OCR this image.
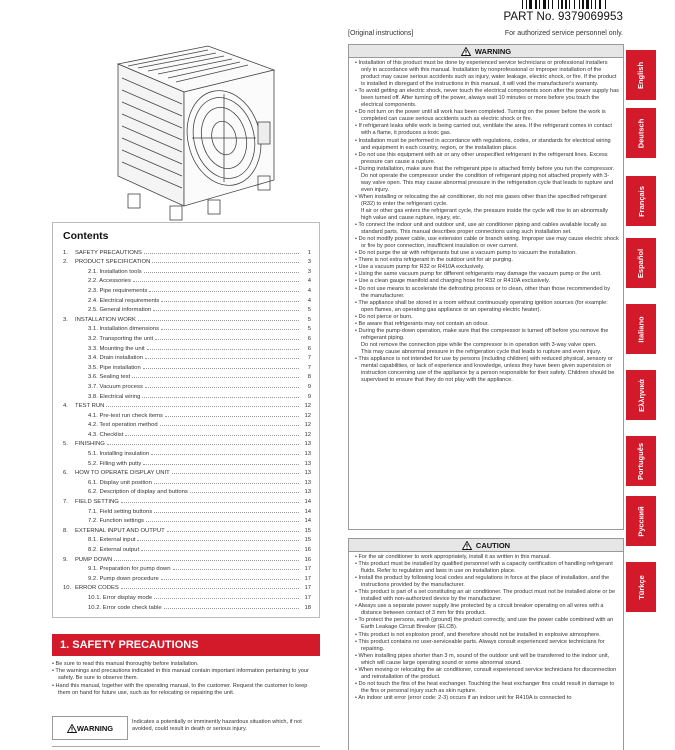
PART No. 9379069953
[Original instructions]	For authorized service personnel only.
Contents
1.	SAFETY PRECAUTIONS	1
2.	PRODUCT SPECIFICATION	3
2.1. Installation tools	3
2.2. Accessories	4
2.3. Pipe requirements	4
2.4. Electrical requirements	4
2.5. General information	5
3.	INSTALLATION WORK	5
3.1. Installation dimensions	5
3.2. Transporting the unit	6
3.3. Mounting the unit	6
3.4. Drain installation	7
3.5. Pipe installation	7
3.6. Sealing test	8
3.7. Vacuum process	9
3.8. Electrical wiring	9
4.	TEST RUN	12
4.1. Pre-test run check items	12
4.2. Test operation method	12
4.3. Checklist	12
5.	FINISHING	13
5.1. Installing insulation	13
5.2. Filling with putty	13
6.	HOW TO OPERATE DISPLAY UNIT	13
6.1. Display unit position	13
6.2. Description of display and buttons	13
7.	FIELD SETTING	14
7.1. Field setting buttons	14
7.2. Function settings	14
8.	EXTERNAL INPUT AND OUTPUT	15
8.1. External input	15
8.2. External output	16
9.	PUMP DOWN	16
9.1. Preparation for pump down	17
9.2. Pump down procedure	17
10. ERROR CODES	17
10.1. Error display mode	17
10.2. Error code check table	18
1. SAFETY PRECAUTIONS
• Be sure to read this manual thoroughly before installation.
• The warnings and precautions indicated in this manual contain important information pertaining to your safety. Be sure to observe them.
• Hand this manual, together with the operating manual, to the customer. Request the customer to keep them on hand for future use, such as for relocating or repairing the unit.
WARNING
Indicates a potentially or imminently hazardous situation which, if not avoided, could result in death or serious injury.
WARNING
• Installation of this product must be done by experienced service technicians or professional installers only in accordance with this manual. Installation by nonprofessional or improper installation of the product may cause serious accidents such as injury, water leakage, electric shock, or fire. If the product is installed in disregard of the instructions in this manual, it will void the manufacturer's warranty.
• To avoid getting an electric shock, never touch the electrical components soon after the power supply has been turned off. After turning off the power, always wait 10 minutes or more before you touch the electrical components.
• Do not turn on the power until all work has been completed. Turning on the power before the work is completed can cause serious accidents such as electric shock or fire.
• If refrigerant leaks while work is being carried out, ventilate the area. If the refrigerant comes in contact with a flame, it produces a toxic gas.
• Installation must be performed in accordance with regulations, codes, or standards for electrical wiring and equipment in each country, region, or the installation place.
• Do not use this equipment with air or any other unspecified refrigerant in the refrigerant lines. Excess pressure can cause a rupture.
• During installation, make sure that the refrigerant pipe is attached firmly before you run the compressor.
Do not operate the compressor under the condition of refrigerant piping not attached properly with 3-way valve open. This may cause abnormal pressure in the refrigeration cycle that leads to rupture and even injury.
• When installing or relocating the air conditioner, do not mix gases other than the specified refrigerant (R32) to enter the refrigerant cycle.
If air or other gas enters the refrigerant cycle, the pressure inside the cycle will rise to an abnormally high value and cause rupture, injury, etc.
• To connect the indoor unit and outdoor unit, use air conditioner piping and cables available locally as standard parts. This manual describes proper connections using such installation set.
• Do not modify power cable, use extension cable or branch wiring. Improper use may cause electric shock or fire by poor connection, insufficient insulation or over current.
• Do not purge the air with refrigerants but use a vacuum pump to vacuum the installation.
• There is not extra refrigerant in the outdoor unit for air purging.
• Use a vacuum pump for R32 or R410A exclusively.
• Using the same vacuum pump for different refrigerants may damage the vacuum pump or the unit.
• Use a clean gauge manifold and charging hose for R32 or R410A exclusively.
• Do not use means to accelerate the defrosting process or to clean, other than those recommended by the manufacturer.
• The appliance shall be stored in a room without continuously operating ignition sources (for example: open flames, an operating gas appliance or an operating electric heater).
• Do not pierce or burn.
• Be aware that refrigerants may not contain an odour.
• During the pump-down operation, make sure that the compressor is turned off before you remove the refrigerant piping.
Do not remove the connection pipe while the compressor is in operation with 3-way valve open.
This may cause abnormal pressure in the refrigeration cycle that leads to rupture and even injury.
• This appliance is not intended for use by persons (including children) with reduced physical, sensory or mental capabilities, or lack of experience and knowledge, unless they have been given supervision or instruction concerning use of the appliance by a person responsible for their safety. Children should be supervised to ensure that they do not play with the appliance.
CAUTION
• For the air conditioner to work appropriately, install it as written in this manual.
• This product must be installed by qualified personnel with a capacity certification of handling refrigerant fluids. Refer to regulation and laws in use on installation place.
• Install the product by following local codes and regulations in force at the place of installation, and the instructions provided by the manufacturer.
• This product is part of a set constituting an air conditioner. The product must not be installed alone or be installed with non-authorized device by the manufacturer.
• Always use a separate power supply line protected by a circuit breaker operating on all wires with a distance between contact of 3 mm for this product.
• To protect the persons, earth (ground) the product correctly, and use the power cable combined with an Earth Leakage Circuit Breaker (ELCB).
• This product is not explosion proof, and therefore should not be installed in explosive atmosphere.
• This product contains no user-serviceable parts. Always consult experienced service technicians for repairing.
• When installing pipes shorter than 3 m, sound of the outdoor unit will be transferred to the indoor unit, which will cause large operating sound or some abnormal sound.
• When moving or relocating the air conditioner, consult experienced service technicians for disconnection and reinstallation of the product.
• Do not touch the fins of the heat exchanger. Touching the heat exchanger fins could result in damage to the fins or personal injury such as skin rupture.
• An indoor unit error (error code: 2-3) occurs if an indoor unit for R410A is connected to
English
Deutsch
Français
Español
Italiano
Ελληνικά
Português
Русский
Türkçe
